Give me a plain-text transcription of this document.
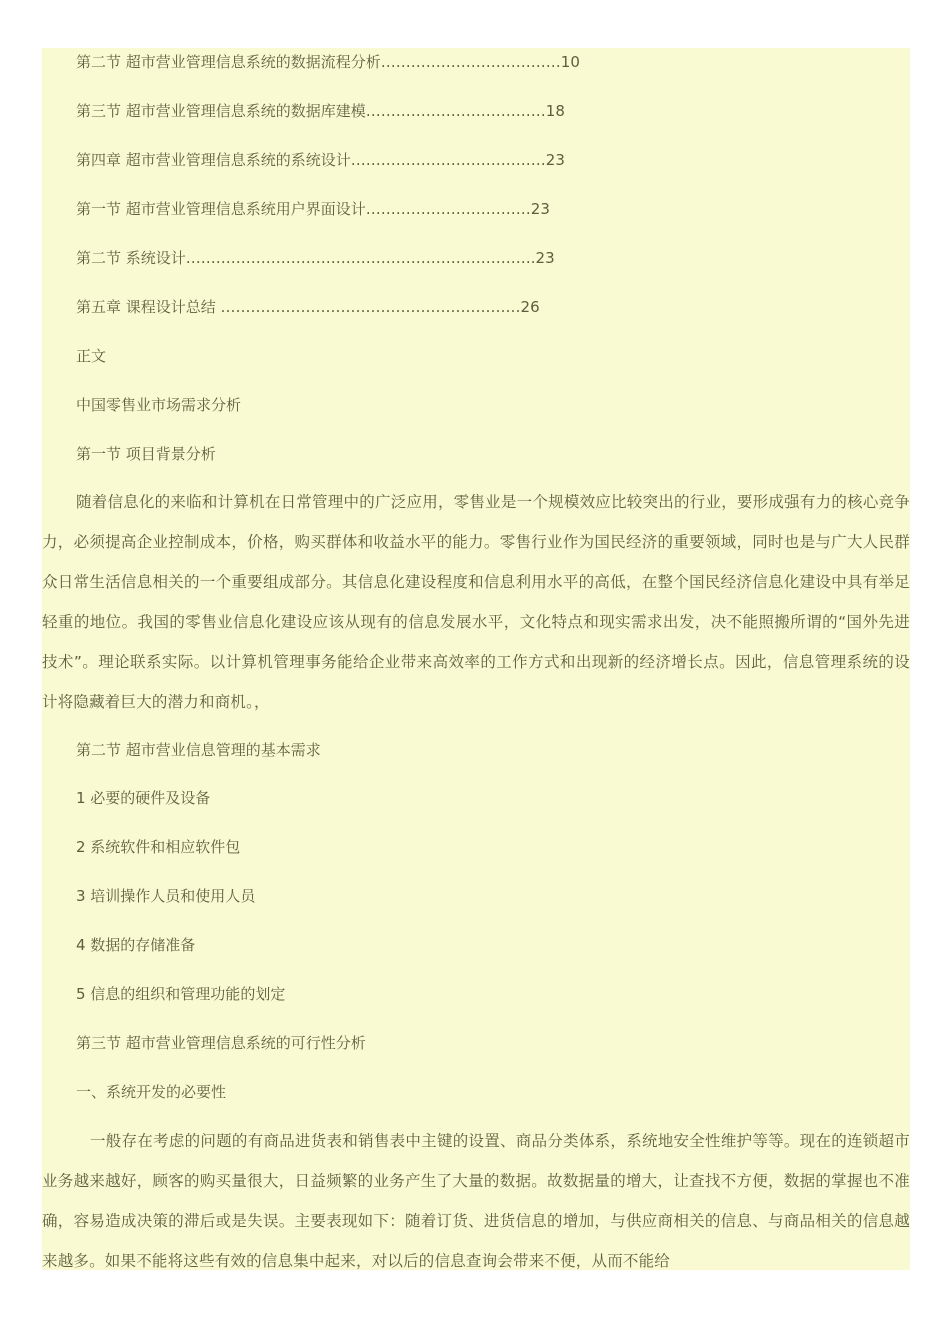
第二节 超市营业管理信息系统的数据流程分析………………………………10
第三节 超市营业管理信息系统的数据库建模………………………………18
第四章 超市营业管理信息系统的系统设计…………………………………23
第一节 超市营业管理信息系统用户界面设计……………………………23
第二节 系统设计…………………………………………………………….23
第五章 课程设计总结 ……………………………………………………26
正文
中国零售业市场需求分析
第一节 项目背景分析
随着信息化的来临和计算机在日常管理中的广泛应用，零售业是一个规模效应比较突出的行业，要形成强有力的核心竞争力，必须提高企业控制成本，价格，购买群体和收益水平的能力。零售行业作为国民经济的重要领域，同时也是与广大人民群众日常生活信息相关的一个重要组成部分。其信息化建设程度和信息利用水平的高低，在整个国民经济信息化建设中具有举足轻重的地位。我国的零售业信息化建设应该从现有的信息发展水平，文化特点和现实需求出发，决不能照搬所谓的“国外先进技术”。理论联系实际。以计算机管理事务能给企业带来高效率的工作方式和出现新的经济增长点。因此，信息管理系统的设计将隐藏着巨大的潜力和商机。，
第二节 超市营业信息管理的基本需求
1 必要的硬件及设备
2 系统软件和相应软件包
3 培训操作人员和使用人员
4 数据的存储准备
5 信息的组织和管理功能的划定
第三节 超市营业管理信息系统的可行性分析
一、系统开发的必要性
一般存在考虑的问题的有商品进货表和销售表中主键的设置、商品分类体系，系统地安全性维护等等。现在的连锁超市业务越来越好，顾客的购买量很大，日益频繁的业务产生了大量的数据。故数据量的增大，让查找不方便，数据的掌握也不准确，容易造成决策的滞后或是失误。主要表现如下：随着订货、进货信息的增加，与供应商相关的信息、与商品相关的信息越来越多。如果不能将这些有效的信息集中起来，对以后的信息查询会带来不便，从而不能给
